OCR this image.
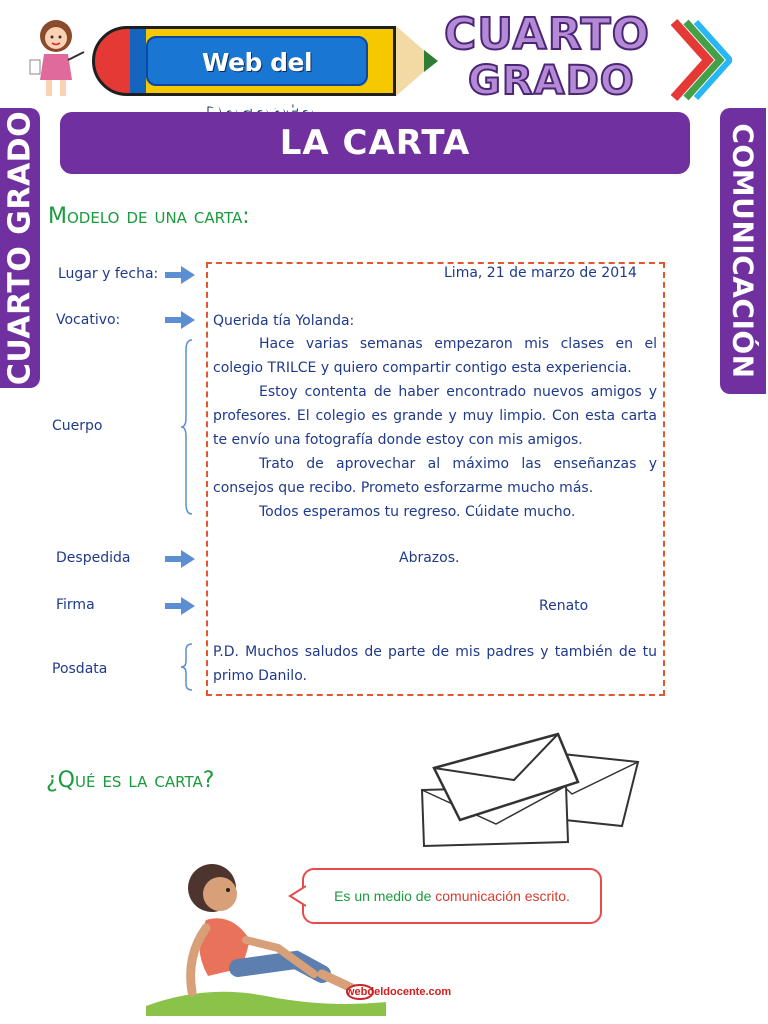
Web del
CUARTO
GRADO
LA CARTA
CUARTO GRADO	COMUNICACIÓN
Modelo de una carta:
Lugar y fecha:
Vocativo:
Cuerpo
Despedida
Firma
Posdata
Lima, 21 de marzo de 2014
Querida tía Yolanda:

Hace varias semanas empezaron mis clases en el colegio TRILCE y quiero compartir contigo esta experiencia.

Estoy contenta de haber encontrado nuevos amigos y profesores. El colegio es grande y muy limpio. Con esta carta te envío una fotografía donde estoy con mis amigos.

Trato de aprovechar al máximo las enseñanzas y consejos que recibo. Prometo esforzarme mucho más.

Todos esperamos tu regreso. Cúidate mucho.

Abrazos.
Renato
P.D. Muchos saludos de parte de mis padres y también de tu primo Danilo.
¿Qué es la carta?
Es un medio de comunicación escrito.
webdeldocente.com
